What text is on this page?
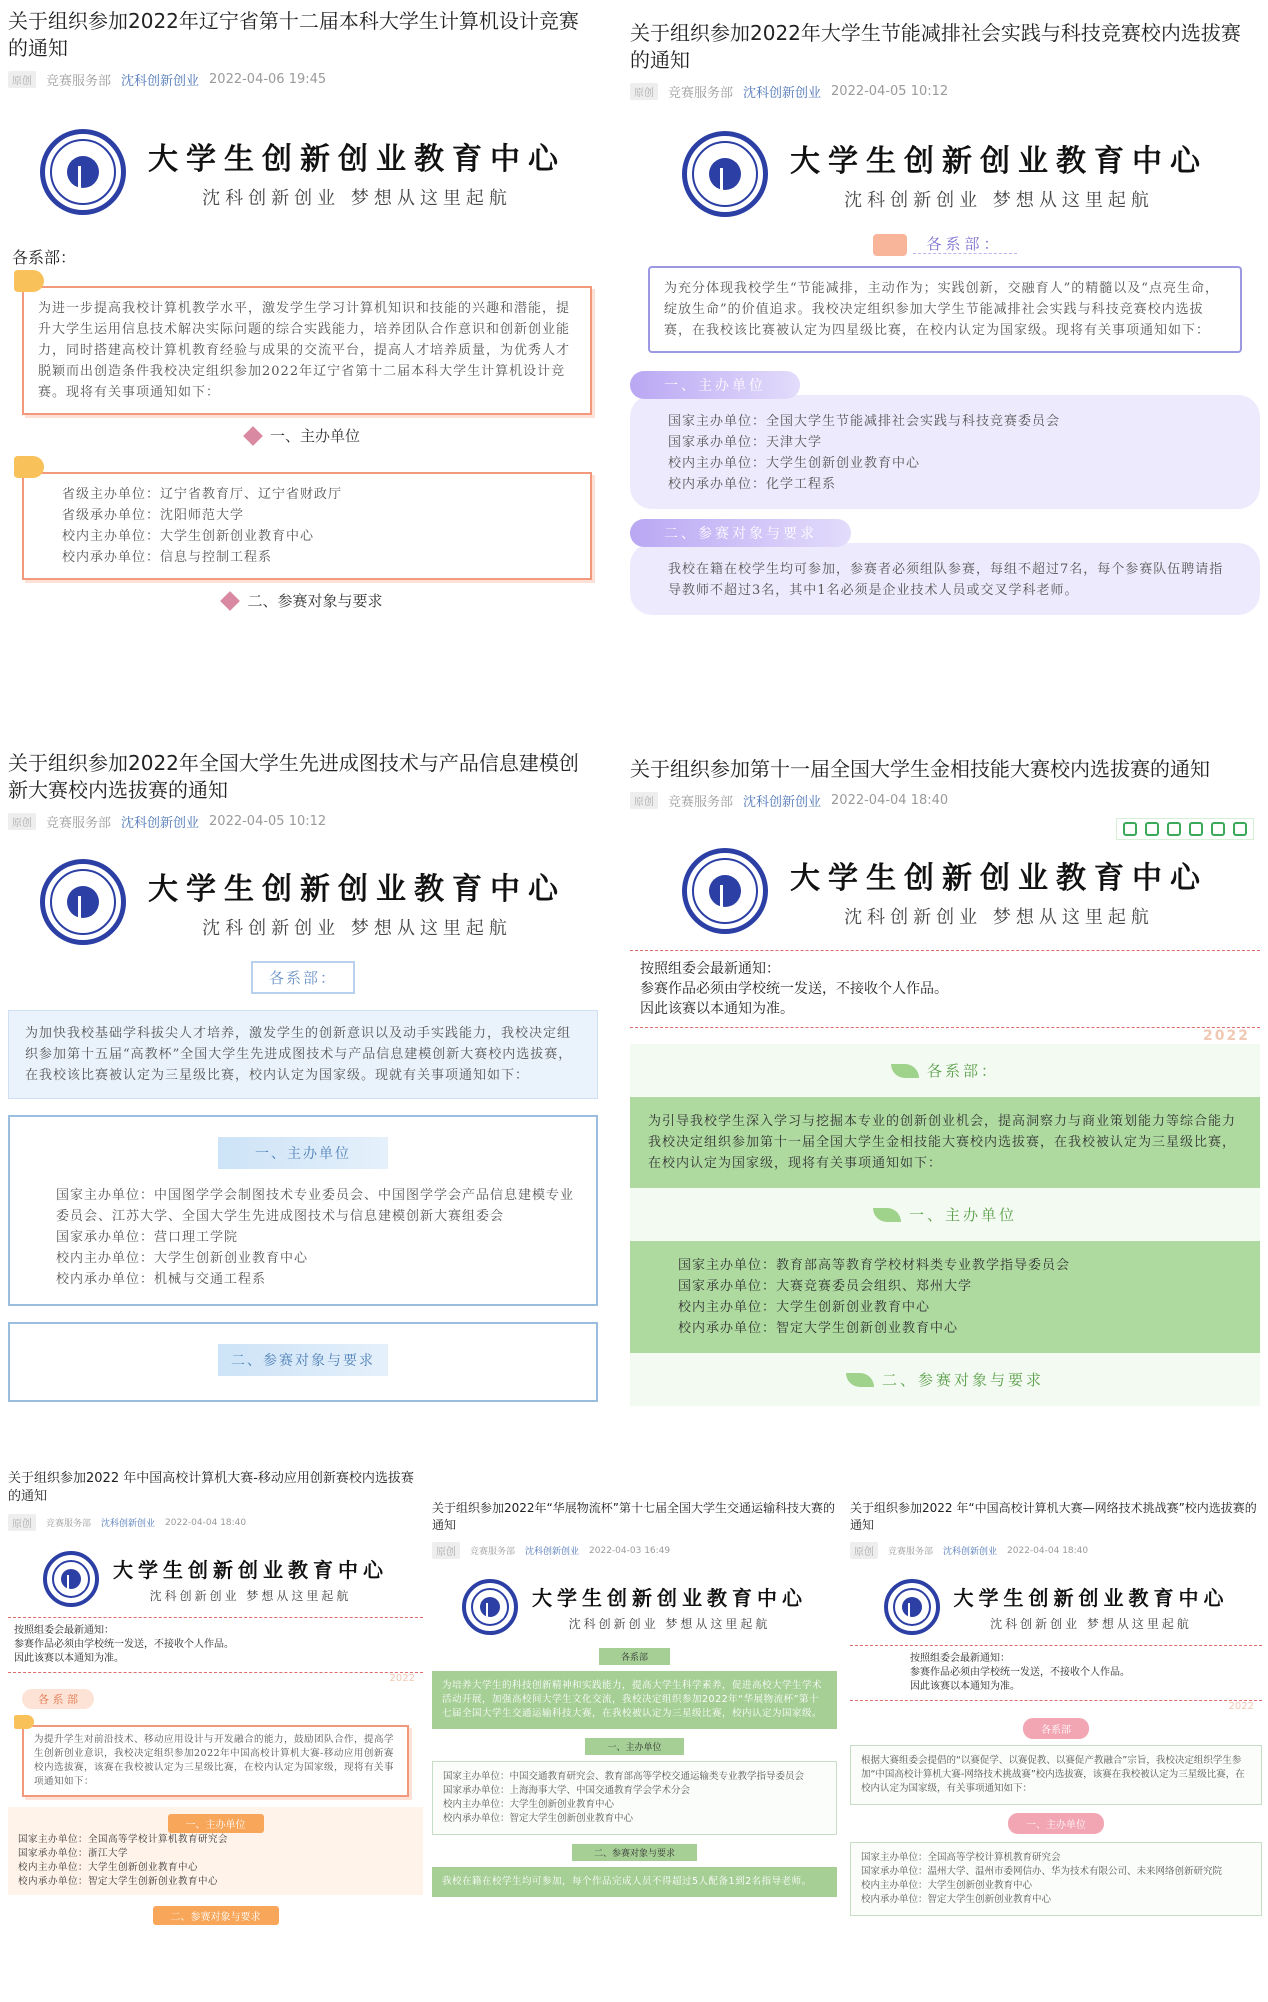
关于组织参加2022年辽宁省第十二届本科大学生计算机设计竞赛的通知
原创	竞赛服务部 沈科创新创业 2022-04-06 19:45
大学生创新创业教育中心
沈科创新创业 梦想从这里起航
各系部：
为进一步提高我校计算机教学水平，激发学生学习计算机知识和技能的兴趣和潜能，提升大学生运用信息技术解决实际问题的综合实践能力，培养团队合作意识和创新创业能力，同时搭建高校计算机教育经验与成果的交流平台，提高人才培养质量，为优秀人才脱颖而出创造条件我校决定组织参加2022年辽宁省第十二届本科大学生计算机设计竞赛。现将有关事项通知如下：
一、主办单位
省级主办单位：辽宁省教育厅、辽宁省财政厅
省级承办单位：沈阳师范大学
校内主办单位：大学生创新创业教育中心
校内承办单位：信息与控制工程系
二、参赛对象与要求
关于组织参加2022年大学生节能减排社会实践与科技竞赛校内选拔赛的通知
原创	竞赛服务部 沈科创新创业 2022-04-05 10:12
大学生创新创业教育中心
沈科创新创业 梦想从这里起航
各系部：
为充分体现我校学生“节能减排，主动作为；实践创新，交融育人”的精髓以及“点亮生命，绽放生命”的价值追求。我校决定组织参加大学生节能减排社会实践与科技竞赛校内选拔赛，在我校该比赛被认定为四星级比赛，在校内认定为国家级。现将有关事项通知如下：
一、主办单位
国家主办单位：全国大学生节能减排社会实践与科技竞赛委员会
国家承办单位：天津大学
校内主办单位：大学生创新创业教育中心
校内承办单位：化学工程系
二、参赛对象与要求
我校在籍在校学生均可参加，参赛者必须组队参赛，每组不超过7名，每个参赛队伍聘请指导教师不超过3名，其中1名必须是企业技术人员或交叉学科老师。
关于组织参加2022年全国大学生先进成图技术与产品信息建模创新大赛校内选拔赛的通知
原创	竞赛服务部 沈科创新创业 2022-04-05 10:12
大学生创新创业教育中心
沈科创新创业 梦想从这里起航
各系部：
为加快我校基础学科拔尖人才培养，激发学生的创新意识以及动手实践能力，我校决定组织参加第十五届“高教杯”全国大学生先进成图技术与产品信息建模创新大赛校内选拔赛，在我校该比赛被认定为三星级比赛，校内认定为国家级。现就有关事项通知如下：
一、主办单位
国家主办单位：中国图学学会制图技术专业委员会、中国图学学会产品信息建模专业委员会、江苏大学、全国大学生先进成图技术与信息建模创新大赛组委会
国家承办单位：营口理工学院
校内主办单位：大学生创新创业教育中心
校内承办单位：机械与交通工程系
二、参赛对象与要求
关于组织参加第十一届全国大学生金相技能大赛校内选拔赛的通知
原创	竞赛服务部 沈科创新创业 2022-04-04 18:40
大学生创新创业教育中心
沈科创新创业 梦想从这里起航
按照组委会最新通知：
参赛作品必须由学校统一发送，不接收个人作品。
因此该赛以本通知为准。
2022
各系部：
为引导我校学生深入学习与挖掘本专业的创新创业机会，提高洞察力与商业策划能力等综合能力我校决定组织参加第十一届全国大学生金相技能大赛校内选拔赛，在我校被认定为三星级比赛，在校内认定为国家级，现将有关事项通知如下：
一、主办单位
国家主办单位：教育部高等教育学校材料类专业教学指导委员会
国家承办单位：大赛竞赛委员会组织、郑州大学
校内主办单位：大学生创新创业教育中心
校内承办单位：智定大学生创新创业教育中心
二、参赛对象与要求
关于组织参加2022 年中国高校计算机大赛-移动应用创新赛校内选拔赛的通知
原创	竞赛服务部 沈科创新创业 2022-04-04 18:40
大学生创新创业教育中心
沈科创新创业 梦想从这里起航
按照组委会最新通知：
参赛作品必须由学校统一发送，不接收个人作品。
因此该赛以本通知为准。
2022
各 系 部
为提升学生对前沿技术、移动应用设计与开发融合的能力，鼓励团队合作，提高学生创新创业意识，我校决定组织参加2022年中国高校计算机大赛-移动应用创新赛校内选拔赛，该赛在我校被认定为三星级比赛，在校内认定为国家级，现将有关事项通知如下：
一、主办单位
国家主办单位：全国高等学校计算机教育研究会
国家承办单位：浙江大学
校内主办单位：大学生创新创业教育中心
校内承办单位：智定大学生创新创业教育中心
二、参赛对象与要求
关于组织参加2022年“华展物流杯”第十七届全国大学生交通运输科技大赛的通知
原创	竞赛服务部 沈科创新创业 2022-04-03 16:49
大学生创新创业教育中心
沈科创新创业 梦想从这里起航
各系部
为培养大学生的科技创新精神和实践能力，提高大学生科学素养，促进高校大学生学术活动开展，加强高校间大学生文化交流，我校决定组织参加2022年“华展物流杯”第十七届全国大学生交通运输科技大赛，在我校被认定为三星级比赛，校内认定为国家级。
一、主办单位
国家主办单位：中国交通教育研究会、教育部高等学校交通运输类专业教学指导委员会
国家承办单位：上海海事大学、中国交通教育学会学术分会
校内主办单位：大学生创新创业教育中心
校内承办单位：智定大学生创新创业教育中心
二、参赛对象与要求
我校在籍在校学生均可参加，每个作品完成人员不得超过5人配备1到2名指导老师。
关于组织参加2022 年“中国高校计算机大赛—网络技术挑战赛”校内选拔赛的通知
原创	竞赛服务部 沈科创新创业 2022-04-04 18:40
大学生创新创业教育中心
沈科创新创业 梦想从这里起航
按照组委会最新通知：
参赛作品必须由学校统一发送，不接收个人作品。
因此该赛以本通知为准。
2022
各系部
根据大赛组委会提倡的“以赛促学、以赛促教、以赛促产教融合”宗旨，我校决定组织学生参加“中国高校计算机大赛-网络技术挑战赛”校内选拔赛，该赛在我校被认定为三星级比赛，在校内认定为国家级，有关事项通知如下：
一、主办单位
国家主办单位：全国高等学校计算机教育研究会
国家承办单位：温州大学、温州市委网信办、华为技术有限公司、未来网络创新研究院
校内主办单位：大学生创新创业教育中心
校内承办单位：智定大学生创新创业教育中心
